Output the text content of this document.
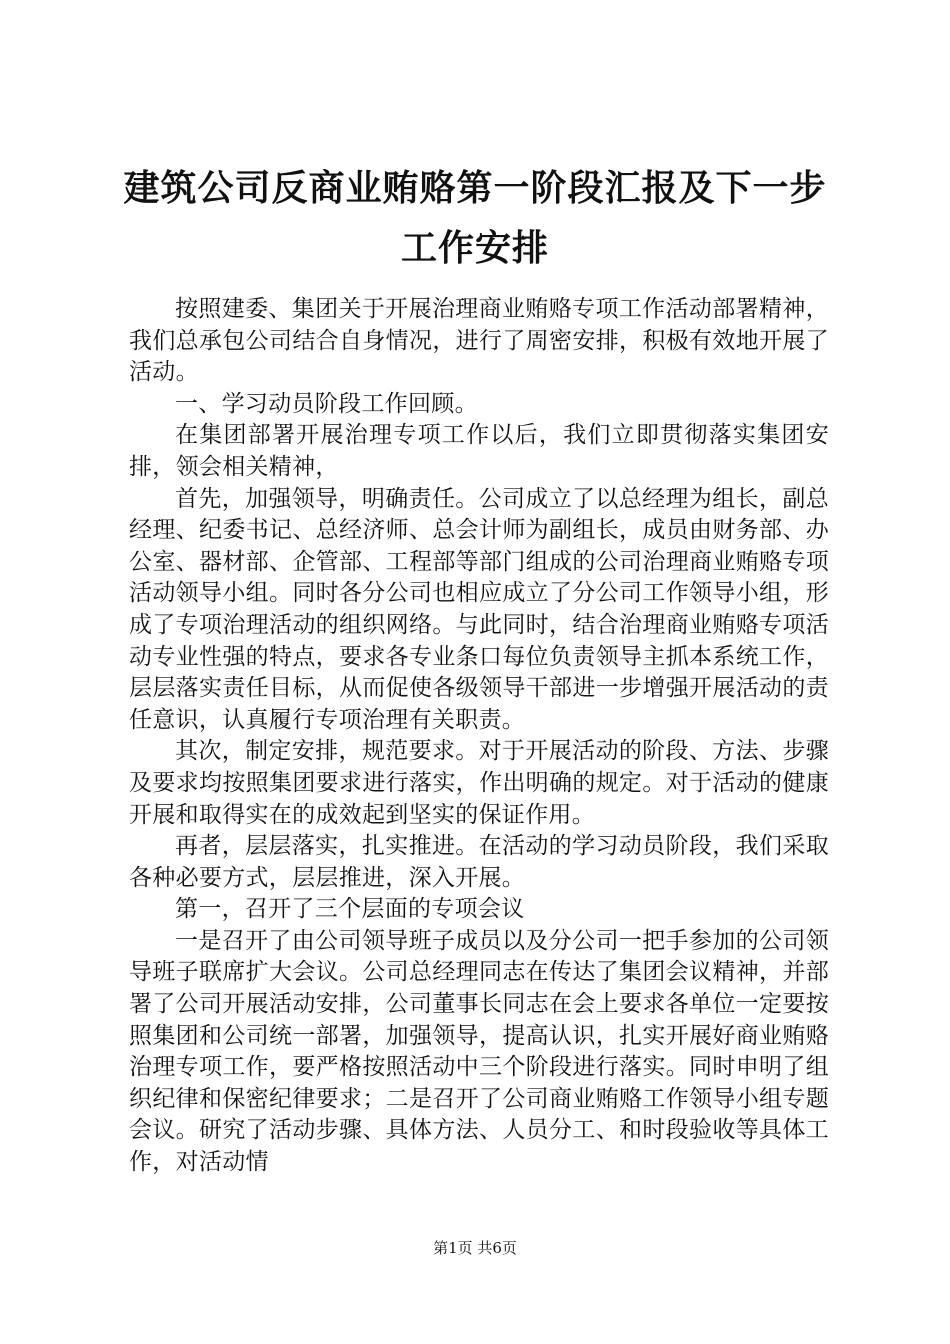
建筑公司反商业贿赂第一阶段汇报及下一步工作安排

按照建委、集团关于开展治理商业贿赂专项工作活动部署精神，我们总承包公司结合自身情况，进行了周密安排，积极有效地开展了活动。

一、学习动员阶段工作回顾。

在集团部署开展治理专项工作以后，我们立即贯彻落实集团安排，领会相关精神，

首先，加强领导，明确责任。公司成立了以总经理为组长，副总经理、纪委书记、总经济师、总会计师为副组长，成员由财务部、办公室、器材部、企管部、工程部等部门组成的公司治理商业贿赂专项活动领导小组。同时各分公司也相应成立了分公司工作领导小组，形成了专项治理活动的组织网络。与此同时，结合治理商业贿赂专项活动专业性强的特点，要求各专业条口每位负责领导主抓本系统工作，层层落实责任目标，从而促使各级领导干部进一步增强开展活动的责任意识，认真履行专项治理有关职责。

其次，制定安排，规范要求。对于开展活动的阶段、方法、步骤及要求均按照集团要求进行落实，作出明确的规定。对于活动的健康开展和取得实在的成效起到坚实的保证作用。

再者，层层落实，扎实推进。在活动的学习动员阶段，我们采取各种必要方式，层层推进，深入开展。

第一，召开了三个层面的专项会议

一是召开了由公司领导班子成员以及分公司一把手参加的公司领导班子联席扩大会议。公司总经理同志在传达了集团会议精神，并部署了公司开展活动安排，公司董事长同志在会上要求各单位一定要按照集团和公司统一部署，加强领导，提高认识，扎实开展好商业贿赂治理专项工作，要严格按照活动中三个阶段进行落实。同时申明了组织纪律和保密纪律要求；二是召开了公司商业贿赂工作领导小组专题会议。研究了活动步骤、具体方法、人员分工、和时段验收等具体工作，对活动情

第1页 共6页
